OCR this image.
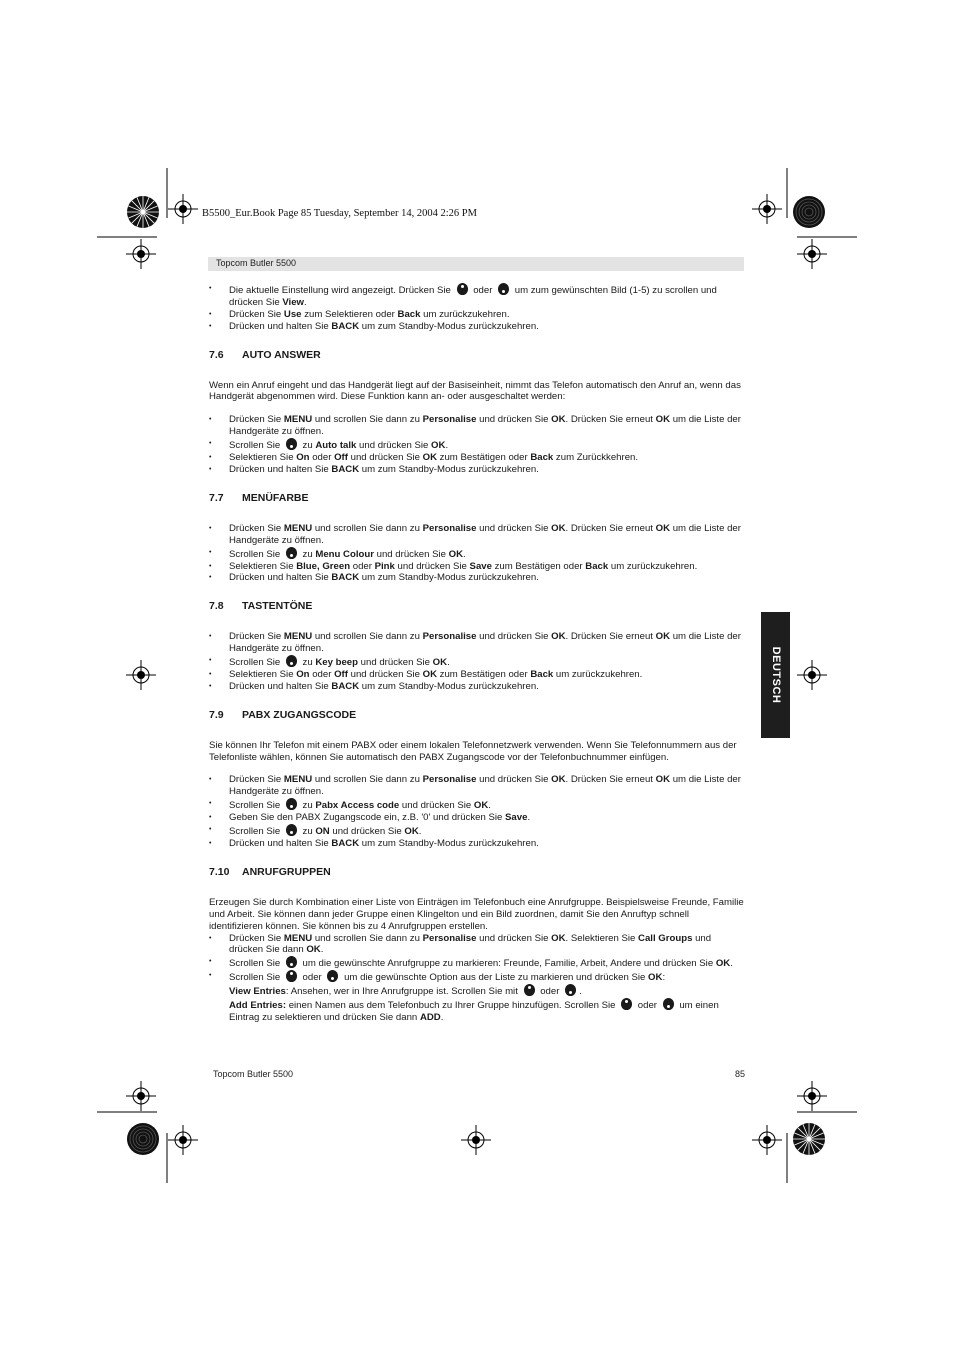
B5500_Eur.Book Page 85 Tuesday, September 14, 2004 2:26 PM
Topcom Butler 5500
• Die aktuelle Einstellung wird angezeigt. Drücken Sie  oder  um zum gewünschten Bild (1-5) zu scrollen und drücken Sie View.
• Drücken Sie Use zum Selektieren oder Back um zurückzukehren.
• Drücken und halten Sie BACK um zum Standby-Modus zurückzukehren.
7.6 AUTO ANSWER

Wenn ein Anruf eingeht und das Handgerät liegt auf der Basiseinheit, nimmt das Telefon automatisch den Anruf an, wenn das Handgerät abgenommen wird. Diese Funktion kann an- oder ausgeschaltet werden:

• Drücken Sie MENU und scrollen Sie dann zu Personalise und drücken Sie OK. Drücken Sie erneut OK um die Liste der Handgeräte zu öffnen.
• Scrollen Sie  zu Auto talk und drücken Sie OK.
• Selektieren Sie On oder Off und drücken Sie OK zum Bestätigen oder Back zum Zurückkehren.
• Drücken und halten Sie BACK um zum Standby-Modus zurückzukehren.
7.7 MENÜFARBE
• Drücken Sie MENU und scrollen Sie dann zu Personalise und drücken Sie OK. Drücken Sie erneut OK um die Liste der Handgeräte zu öffnen.
• Scrollen Sie  zu Menu Colour und drücken Sie OK.
• Selektieren Sie Blue, Green oder Pink und drücken Sie Save zum Bestätigen oder Back um zurückzukehren.
• Drücken und halten Sie BACK um zum Standby-Modus zurückzukehren.
7.8 TASTENTÖNE
• Drücken Sie MENU und scrollen Sie dann zu Personalise und drücken Sie OK. Drücken Sie erneut OK um die Liste der Handgeräte zu öffnen.
• Scrollen Sie  zu Key beep und drücken Sie OK.
• Selektieren Sie On oder Off und drücken Sie OK zum Bestätigen oder Back um zurückzukehren.
• Drücken und halten Sie BACK um zum Standby-Modus zurückzukehren.
7.9 PABX ZUGANGSCODE

Sie können Ihr Telefon mit einem PABX oder einem lokalen Telefonnetzwerk verwenden. Wenn Sie Telefonnummern aus der Telefonliste wählen, können Sie automatisch den PABX Zugangscode vor der Telefonbuchnummer einfügen.

• Drücken Sie MENU und scrollen Sie dann zu Personalise und drücken Sie OK. Drücken Sie erneut OK um die Liste der Handgeräte zu öffnen.
• Scrollen Sie  zu Pabx Access code und drücken Sie OK.
• Geben Sie den PABX Zugangscode ein, z.B. '0' und drücken Sie Save.
• Scrollen Sie  zu ON und drücken Sie OK.
• Drücken und halten Sie BACK um zum Standby-Modus zurückzukehren.
7.10 ANRUFGRUPPEN

Erzeugen Sie durch Kombination einer Liste von Einträgen im Telefonbuch eine Anrufgruppe. Beispielsweise Freunde, Familie und Arbeit. Sie können dann jeder Gruppe einen Klingelton und ein Bild zuordnen, damit Sie den Anruftyp schnell identifizieren können. Sie können bis zu 4 Anrufgruppen erstellen.

• Drücken Sie MENU und scrollen Sie dann zu Personalise und drücken Sie OK. Selektieren Sie Call Groups und drücken Sie dann OK.
• Scrollen Sie  um die gewünschte Anrufgruppe zu markieren: Freunde, Familie, Arbeit, Andere und drücken Sie OK.
• Scrollen Sie  oder  um die gewünschte Option aus der Liste zu markieren und drücken Sie OK:
View Entries: Ansehen, wer in Ihre Anrufgruppe ist. Scrollen Sie mit  oder .
Add Entries: einen Namen aus dem Telefonbuch zu Ihrer Gruppe hinzufügen. Scrollen Sie  oder  um einen Eintrag zu selektieren und drücken Sie dann ADD.
DEUTSCH
Topcom Butler 5500	85
